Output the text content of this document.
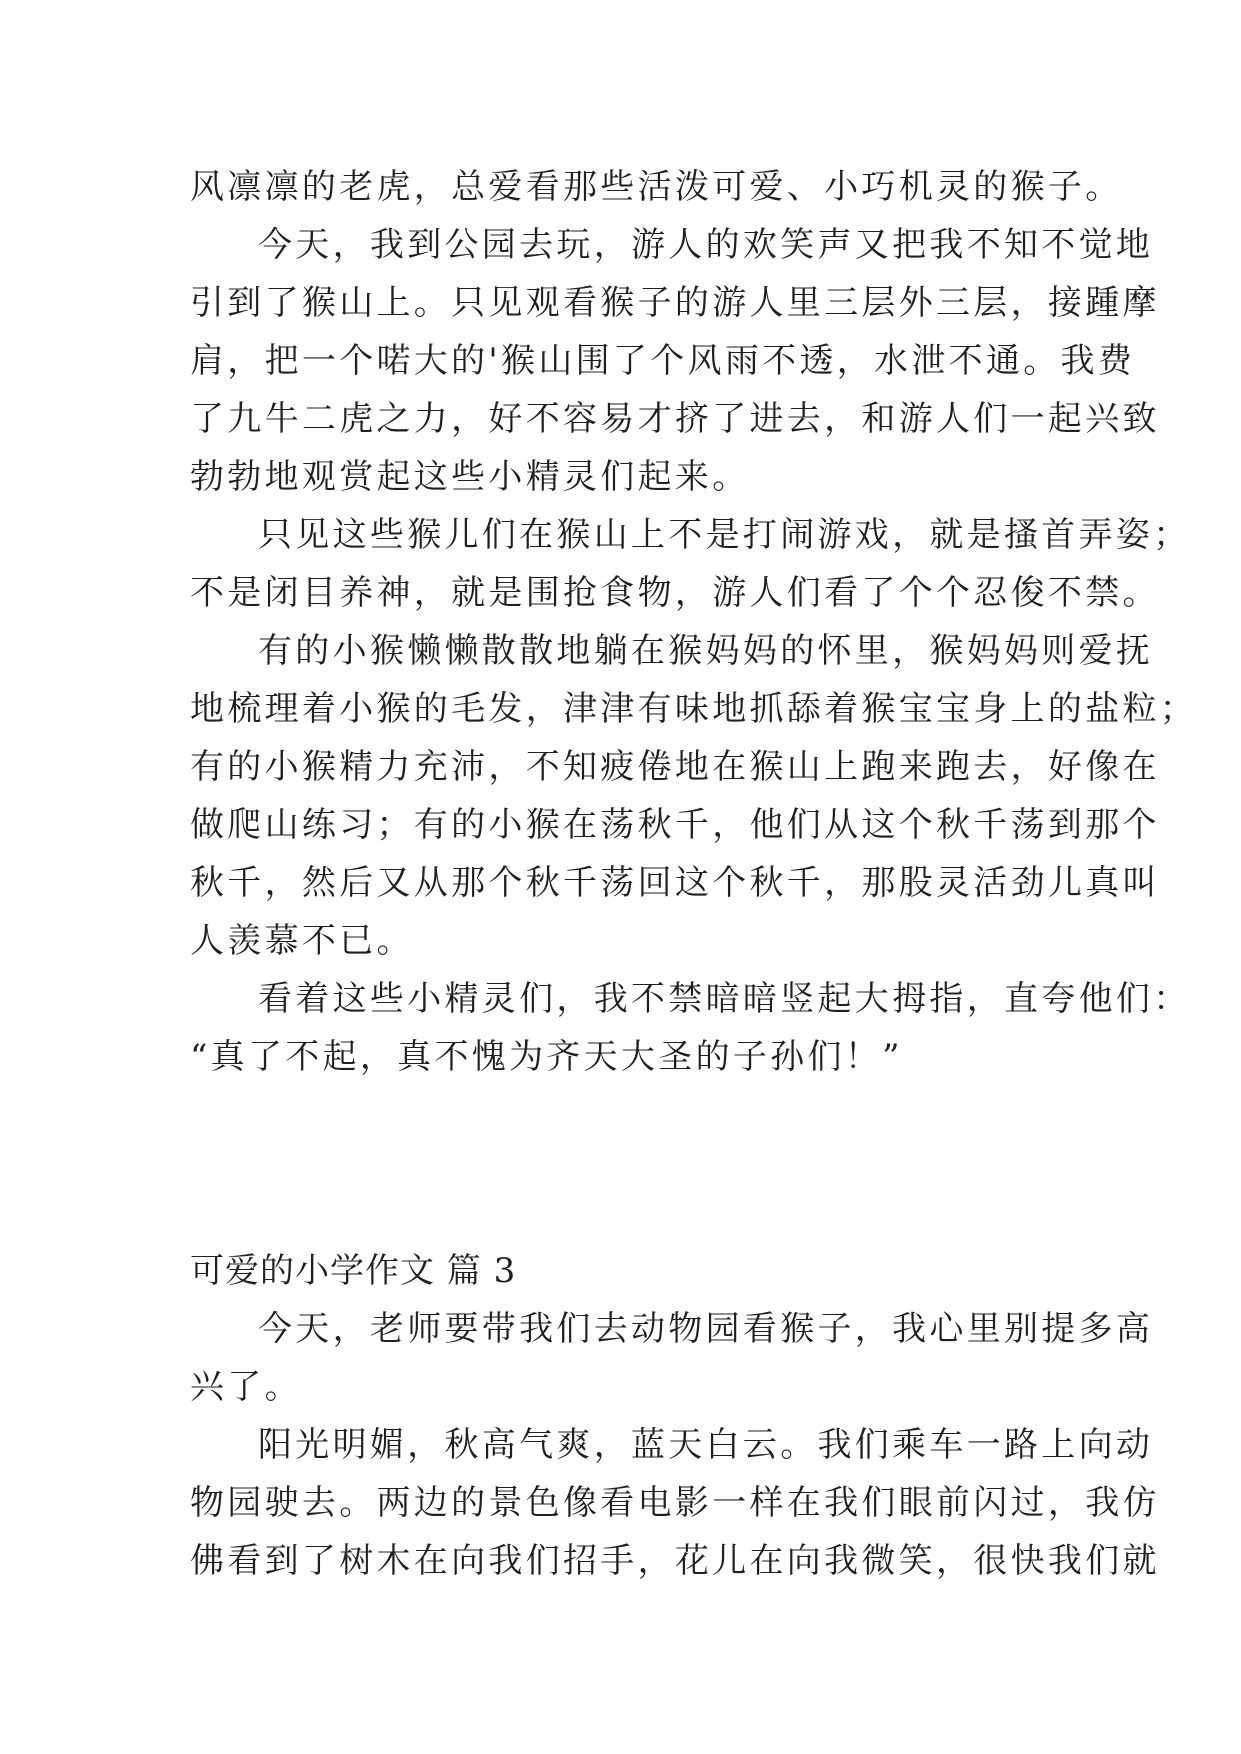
风凛凛的老虎，总爱看那些活泼可爱、小巧机灵的猴子。
今天，我到公园去玩，游人的欢笑声又把我不知不觉地
引到了猴山上。只见观看猴子的游人里三层外三层，接踵摩
肩，把一个喏大的'猴山围了个风雨不透，水泄不通。我费
了九牛二虎之力，好不容易才挤了进去，和游人们一起兴致
勃勃地观赏起这些小精灵们起来。
只见这些猴儿们在猴山上不是打闹游戏，就是搔首弄姿；
不是闭目养神，就是围抢食物，游人们看了个个忍俊不禁。
有的小猴懒懒散散地躺在猴妈妈的怀里，猴妈妈则爱抚
地梳理着小猴的毛发，津津有味地抓舔着猴宝宝身上的盐粒；
有的小猴精力充沛，不知疲倦地在猴山上跑来跑去，好像在
做爬山练习；有的小猴在荡秋千，他们从这个秋千荡到那个
秋千，然后又从那个秋千荡回这个秋千，那股灵活劲儿真叫
人羡慕不已。
看着这些小精灵们，我不禁暗暗竖起大拇指，直夸他们：
“真了不起，真不愧为齐天大圣的子孙们！”
可爱的小学作文 篇 3
今天，老师要带我们去动物园看猴子，我心里别提多高
兴了。
阳光明媚，秋高气爽，蓝天白云。我们乘车一路上向动
物园驶去。两边的景色像看电影一样在我们眼前闪过，我仿
佛看到了树木在向我们招手，花儿在向我微笑，很快我们就
